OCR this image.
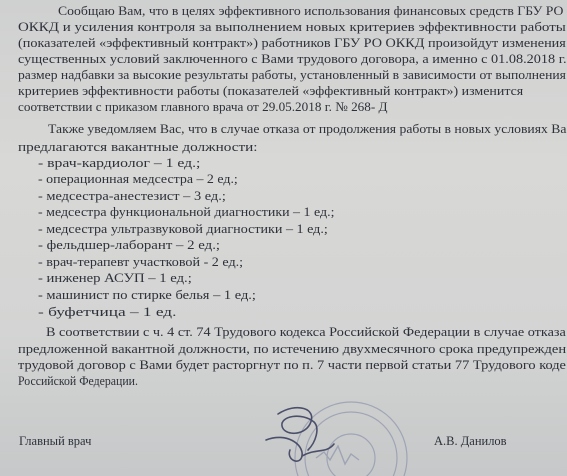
Сообщаю Вам, что в целях эффективного использования финансовых средств ГБУ РО
ОККД и усиления контроля за выполнением новых критериев эффективности работы
(показателей «эффективный контракт») работников ГБУ РО ОККД произойдут изменения
существенных условий заключенного с Вами трудового договора, а именно с 01.08.2018 г.
размер надбавки за высокие результаты работы, установленный в зависимости от выполнения
критериев эффективности работы (показателей «эффективный контракт») изменится
соответствии с приказом главного врача от 29.05.2018 г. № 268- Д
Также уведомляем Вас, что в случае отказа от продолжения работы в новых условиях Ва
предлагаются вакантные должности:
- врач-кардиолог – 1 ед.;
- операционная медсестра – 2 ед.;
- медсестра-анестезист – 3 ед.;
- медсестра функциональной диагностики – 1 ед.;
- медсестра ультразвуковой диагностики – 1 ед.;
- фельдшер-лаборант – 2 ед.;
- врач-терапевт участковой - 2 ед.;
- инженер АСУП – 1 ед.;
- машинист по стирке белья – 1 ед.;
- буфетчица – 1 ед.
В соответствии с ч. 4 ст. 74 Трудового кодекса Российской Федерации в случае отказа
предложенной вакантной должности, по истечению двухмесячного срока предупрежден
трудовой договор с Вами будет расторгнут по п. 7 части первой статьи 77 Трудового коде
Российской Федерации.
Главный врач	А.В. Данилов
